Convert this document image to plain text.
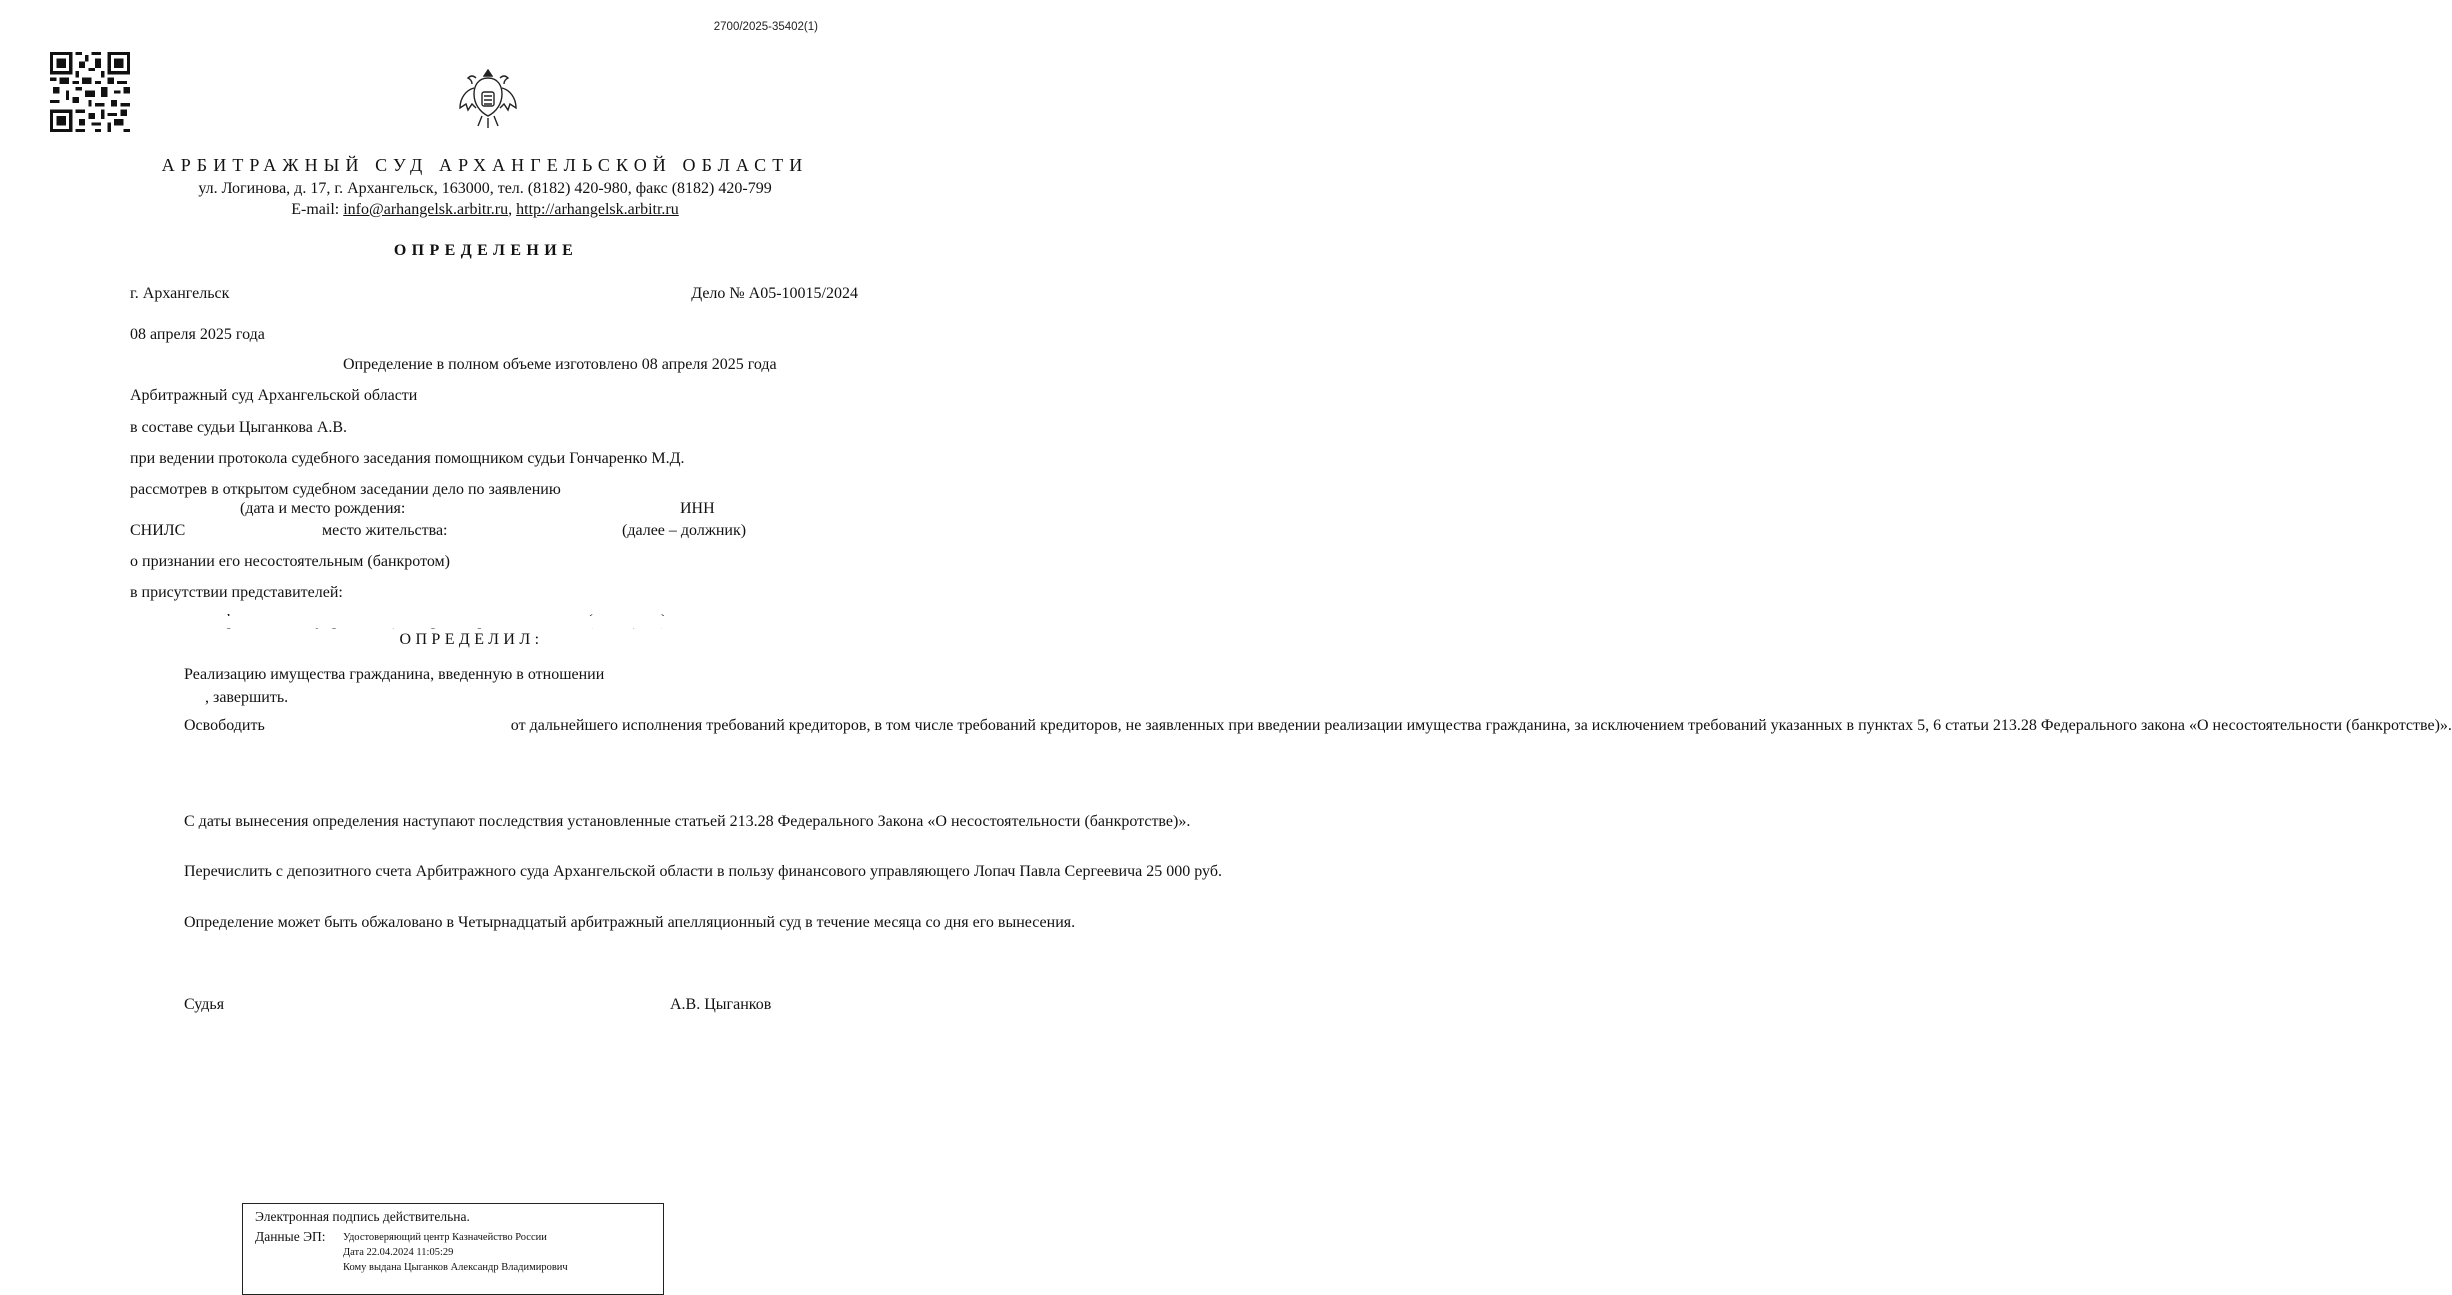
2700/2025-35402(1)
АРБИТРАЖНЫЙ СУД АРХАНГЕЛЬСКОЙ ОБЛАСТИ
ул. Логинова, д. 17, г. Архангельск, 163000, тел. (8182) 420-980, факс (8182) 420-799
E-mail: info@arhangelsk.arbitr.ru, http://arhangelsk.arbitr.ru
ОПРЕДЕЛЕНИЕ
г. Архангельск	Дело № А05-10015/2024
08 апреля 2025 года
Определение в полном объеме изготовлено 08 апреля 2025 года
Арбитражный суд Архангельской области
в составе судьи Цыганкова А.В.
при ведении протокола судебного заседания помощником судьи Гончаренко М.Д.
рассмотрев в открытом судебном заседании дело по заявлению
(дата и место рождения:	ИНН
СНИЛС	место жительства:	(далее – должник)
о признании его несостоятельным (банкротом)
в присутствии представителей:
ОПРЕДЕЛИЛ:
Реализацию имущества гражданина, введенную в отношении
, завершить.

Освободить	от дальнейшего исполнения требований кредиторов, в том числе требований кредиторов, не заявленных при введении реализации имущества гражданина, за исключением требований указанных в пунктах 5, 6 статьи 213.28 Федерального закона «О несостоятельности (банкротстве)».

С даты вынесения определения наступают последствия установленные статьей 213.28 Федерального Закона «О несостоятельности (банкротстве)».

Перечислить с депозитного счета Арбитражного суда Архангельской области в пользу финансового управляющего Лопач Павла Сергеевича 25 000 руб.

Определение может быть обжаловано в Четырнадцатый арбитражный апелляционный суд в течение месяца со дня его вынесения.

Судья	А.В. Цыганков
Электронная подпись действительна.
Данные ЭП: Удостоверяющий центр Казначейство России
Дата 22.04.2024 11:05:29
Кому выдана Цыганков Александр Владимирович
